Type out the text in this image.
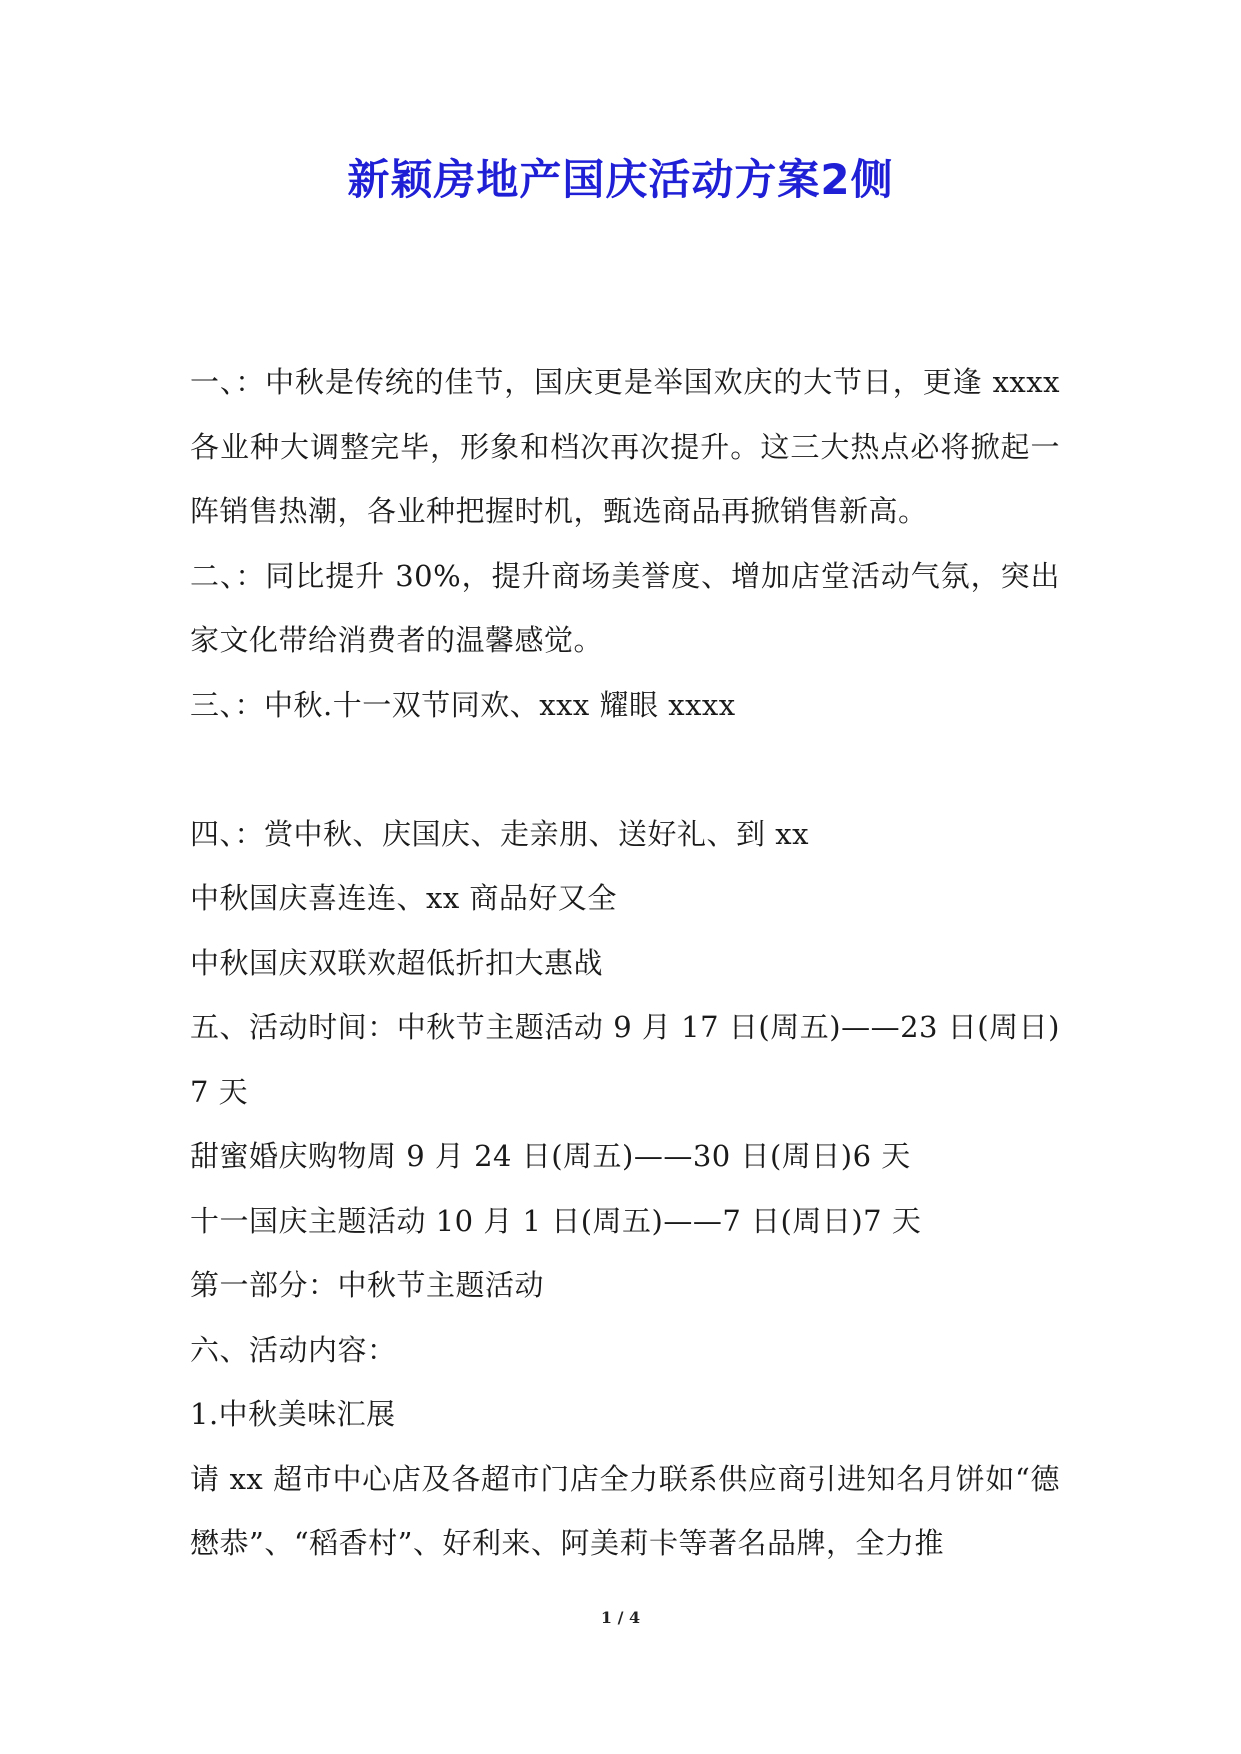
新颖房地产国庆活动方案2侧

一、：中秋是传统的佳节，国庆更是举国欢庆的大节日，更逢 xxxx 各业种大调整完毕，形象和档次再次提升。这三大热点必将掀起一阵销售热潮，各业种把握时机，甄选商品再掀销售新高。

二、：同比提升 30%，提升商场美誉度、增加店堂活动气氛，突出家文化带给消费者的温馨感觉。

三、：中秋.十一双节同欢、xxx 耀眼 xxxx

四、：赏中秋、庆国庆、走亲朋、送好礼、到 xx

中秋国庆喜连连、xx 商品好又全

中秋国庆双联欢超低折扣大惠战

五、活动时间：中秋节主题活动 9 月 17 日(周五)——23 日(周日)7 天

甜蜜婚庆购物周 9 月 24 日(周五)——30 日(周日)6 天

十一国庆主题活动 10 月 1 日(周五)——7 日(周日)7 天

第一部分：中秋节主题活动

六、活动内容：

1.中秋美味汇展

请 xx 超市中心店及各超市门店全力联系供应商引进知名月饼如“德懋恭”、“稻香村”、好利来、阿美莉卡等著名品牌，全力推

1 / 4
